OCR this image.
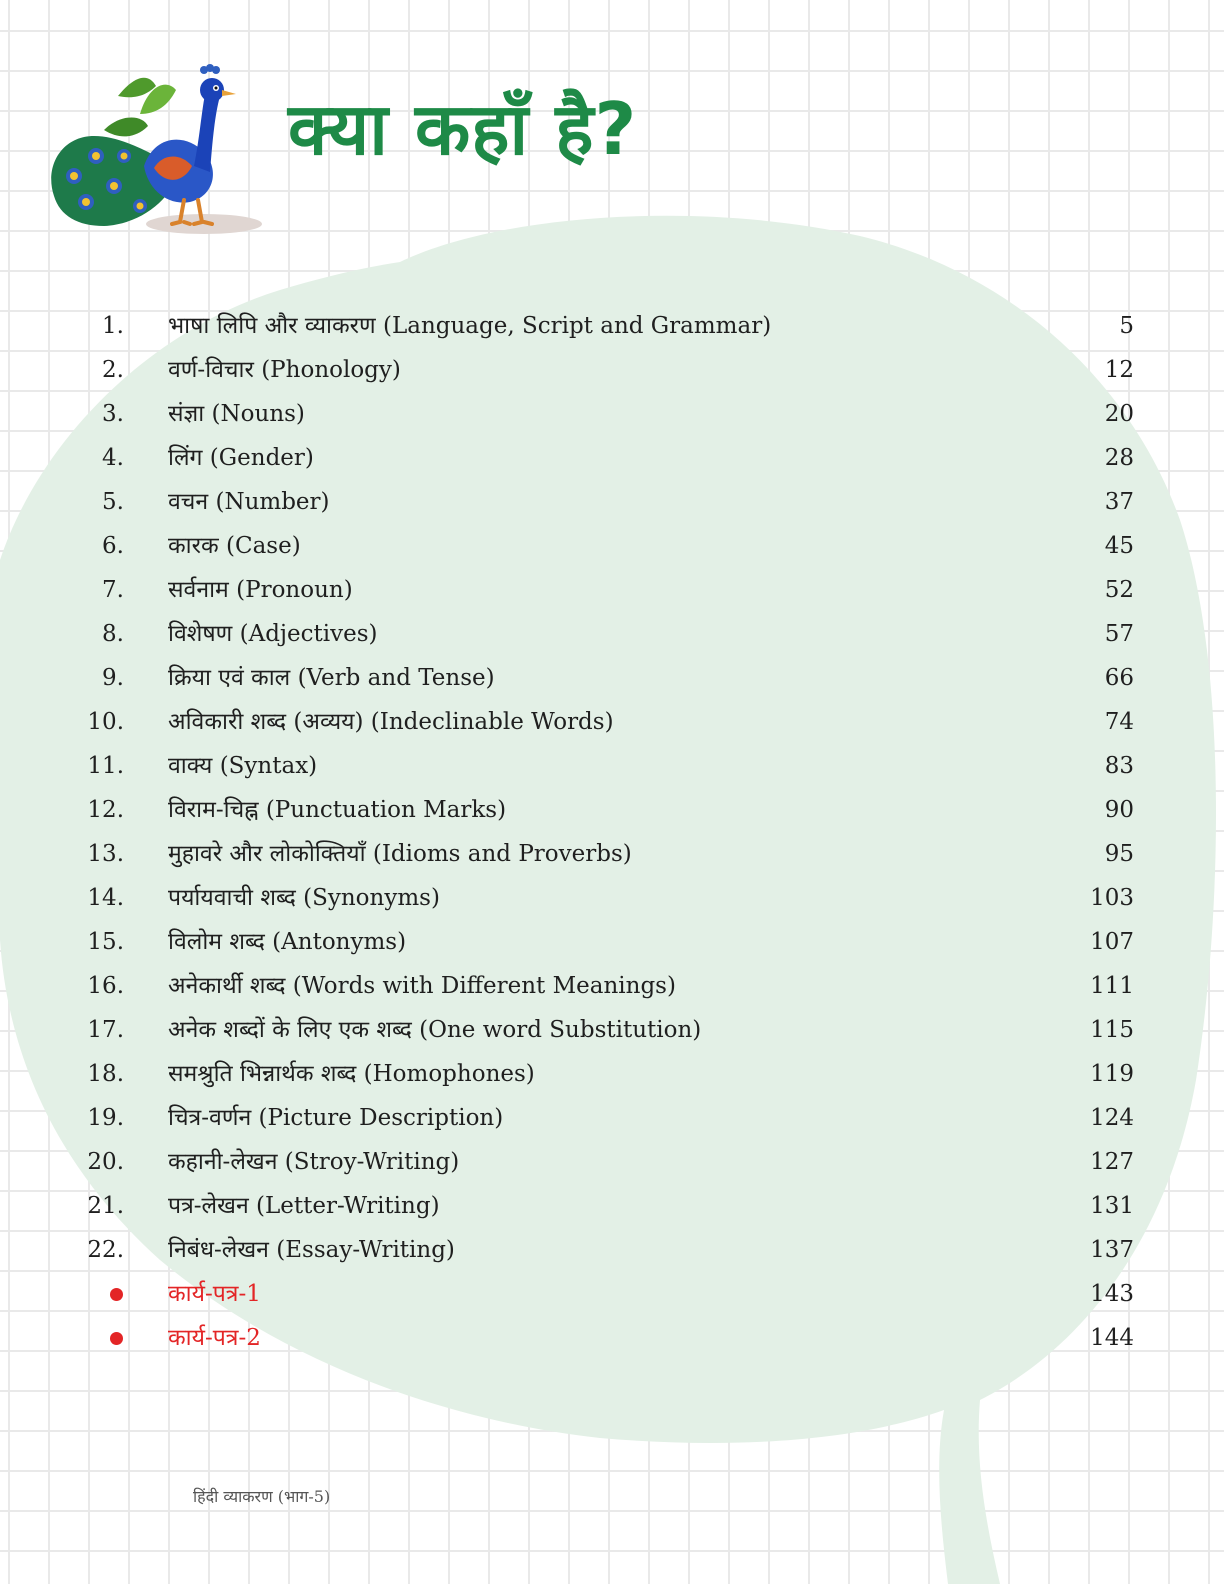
क्या कहाँ है?
1. भाषा लिपि और व्याकरण (Language, Script and Grammar)	5
2. वर्ण-विचार (Phonology)	12
3. संज्ञा (Nouns)	20
4. लिंग (Gender)	28
5. वचन (Number)	37
6. कारक (Case)	45
7. सर्वनाम (Pronoun)	52
8. विशेषण (Adjectives)	57
9. क्रिया एवं काल (Verb and Tense)	66
10. अविकारी शब्द (अव्यय) (Indeclinable Words)	74
11. वाक्य (Syntax)	83
12. विराम-चिह्न (Punctuation Marks)	90
13. मुहावरे और लोकोक्तियाँ (Idioms and Proverbs)	95
14. पर्यायवाची शब्द (Synonyms)	103
15. विलोम शब्द (Antonyms)	107
16. अनेकार्थी शब्द (Words with Different Meanings)	111
17. अनेक शब्दों के लिए एक शब्द (One word Substitution)	115
18. समश्रुति भिन्नार्थक शब्द (Homophones)	119
19. चित्र-वर्णन (Picture Description)	124
20. कहानी-लेखन (Stroy-Writing)	127
21. पत्र-लेखन (Letter-Writing)	131
22. निबंध-लेखन (Essay-Writing)	137
कार्य-पत्र-1	143
कार्य-पत्र-2	144
हिंदी व्याकरण (भाग-5)
